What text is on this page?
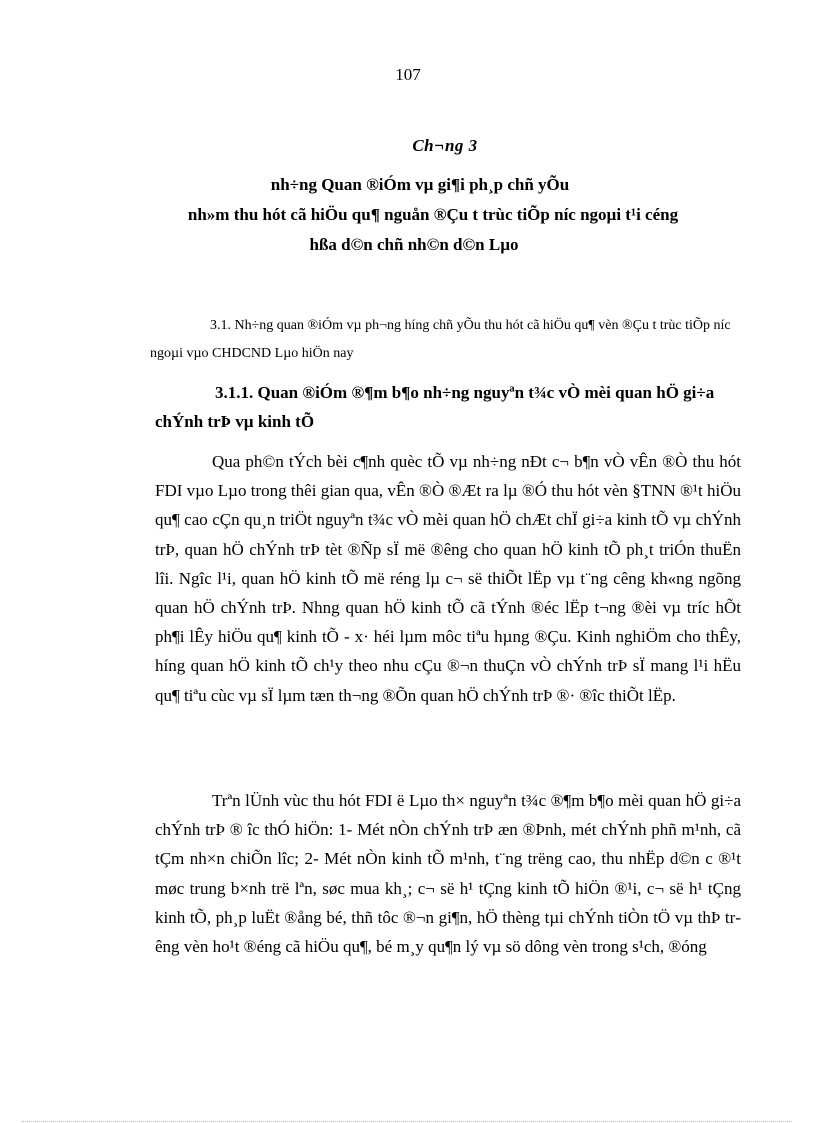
107
Ch¬ng 3
nh÷ng Quan ®iÓm vµ gi¶i ph¸p chñ yÕu
nh»m thu hót cã hiÖu qu¶ nguån ®Çu t trùc tiÕp níc ngoµi t¹i céng
hßa d©n chñ nh©n d©n Lµo
3.1. Nh÷ng quan ®iÓm vµ ph¬ng híng chñ yÕu thu hót cã hiÖu qu¶ vèn ®Çu t trùc tiÕp níc ngoµi vµo CHDCND Lµo hiÖn nay
3.1.1. Quan ®iÓm ®¶m b¶o nh÷ng nguyªn t¾c vÒ mèi quan hÖ gi÷a chÝnh trÞ vµ kinh tÕ
Qua ph©n tÝch bèi c¶nh quèc tÕ vµ nh÷ng nÐt c¬ b¶n vÒ vÊn ®Ò thu hót FDI vµo Lµo trong thêi gian qua, vÊn ®Ò ®Æt ra lµ ®Ó thu hót vèn §TNN ®¹t hiÖu qu¶ cao cÇn qu¸n triÖt nguyªn t¾c vÒ mèi quan hÖ chÆt chÏ gi÷a kinh tÕ vµ chÝnh trÞ, quan hÖ chÝnh trÞ tèt ®Ñp sÏ më ®êng cho quan hÖ kinh tÕ ph¸t triÓn thuËn lîi. Ngîc l¹i, quan hÖ kinh tÕ më réng lµ c¬ së thiÕt lËp vµ t¨ng cêng kh«ng ngõng quan hÖ chÝnh trÞ. Nhng quan hÖ kinh tÕ cã tÝnh ®éc lËp t¬ng ®èi vµ tríc hÕt ph¶i lÊy hiÖu qu¶ kinh tÕ - x· héi lµm môc tiªu hµng ®Çu. Kinh nghiÖm cho thÊy, híng quan hÖ kinh tÕ ch¹y theo nhu cÇu ®¬n thuÇn vÒ chÝnh trÞ sÏ mang l¹i hËu qu¶ tiªu cùc vµ sÏ lµm tæn th¬ng ®Õn quan hÖ chÝnh trÞ ®· ®îc thiÕt lËp.
Trªn lÜnh vùc thu hót FDI ë Lµo th× nguyªn t¾c ®¶m b¶o mèi quan hÖ gi÷a chÝnh trÞ ® îc thÓ hiÖn: 1- Mét nÒn chÝnh trÞ æn ®Þnh, mét chÝnh phñ m¹nh, cã tÇm nh×n chiÕn lîc; 2- Mét nÒn kinh tÕ m¹nh, t¨ng trëng cao, thu nhËp d©n c ®¹t møc trung b×nh trë lªn, søc mua kh¸; c¬ së h¹ tÇng kinh tÕ hiÖn ®¹i, c¬ së h¹ tÇng kinh tÕ, ph¸p luËt ®ång bé, thñ tôc ®¬n gi¶n, hÖ thèng tµi chÝnh tiÒn tÖ vµ thÞ trêng vèn ho¹t ®éng cã hiÖu qu¶, bé m¸y qu¶n lý vµ sö dông vèn trong s¹ch, ®óng
